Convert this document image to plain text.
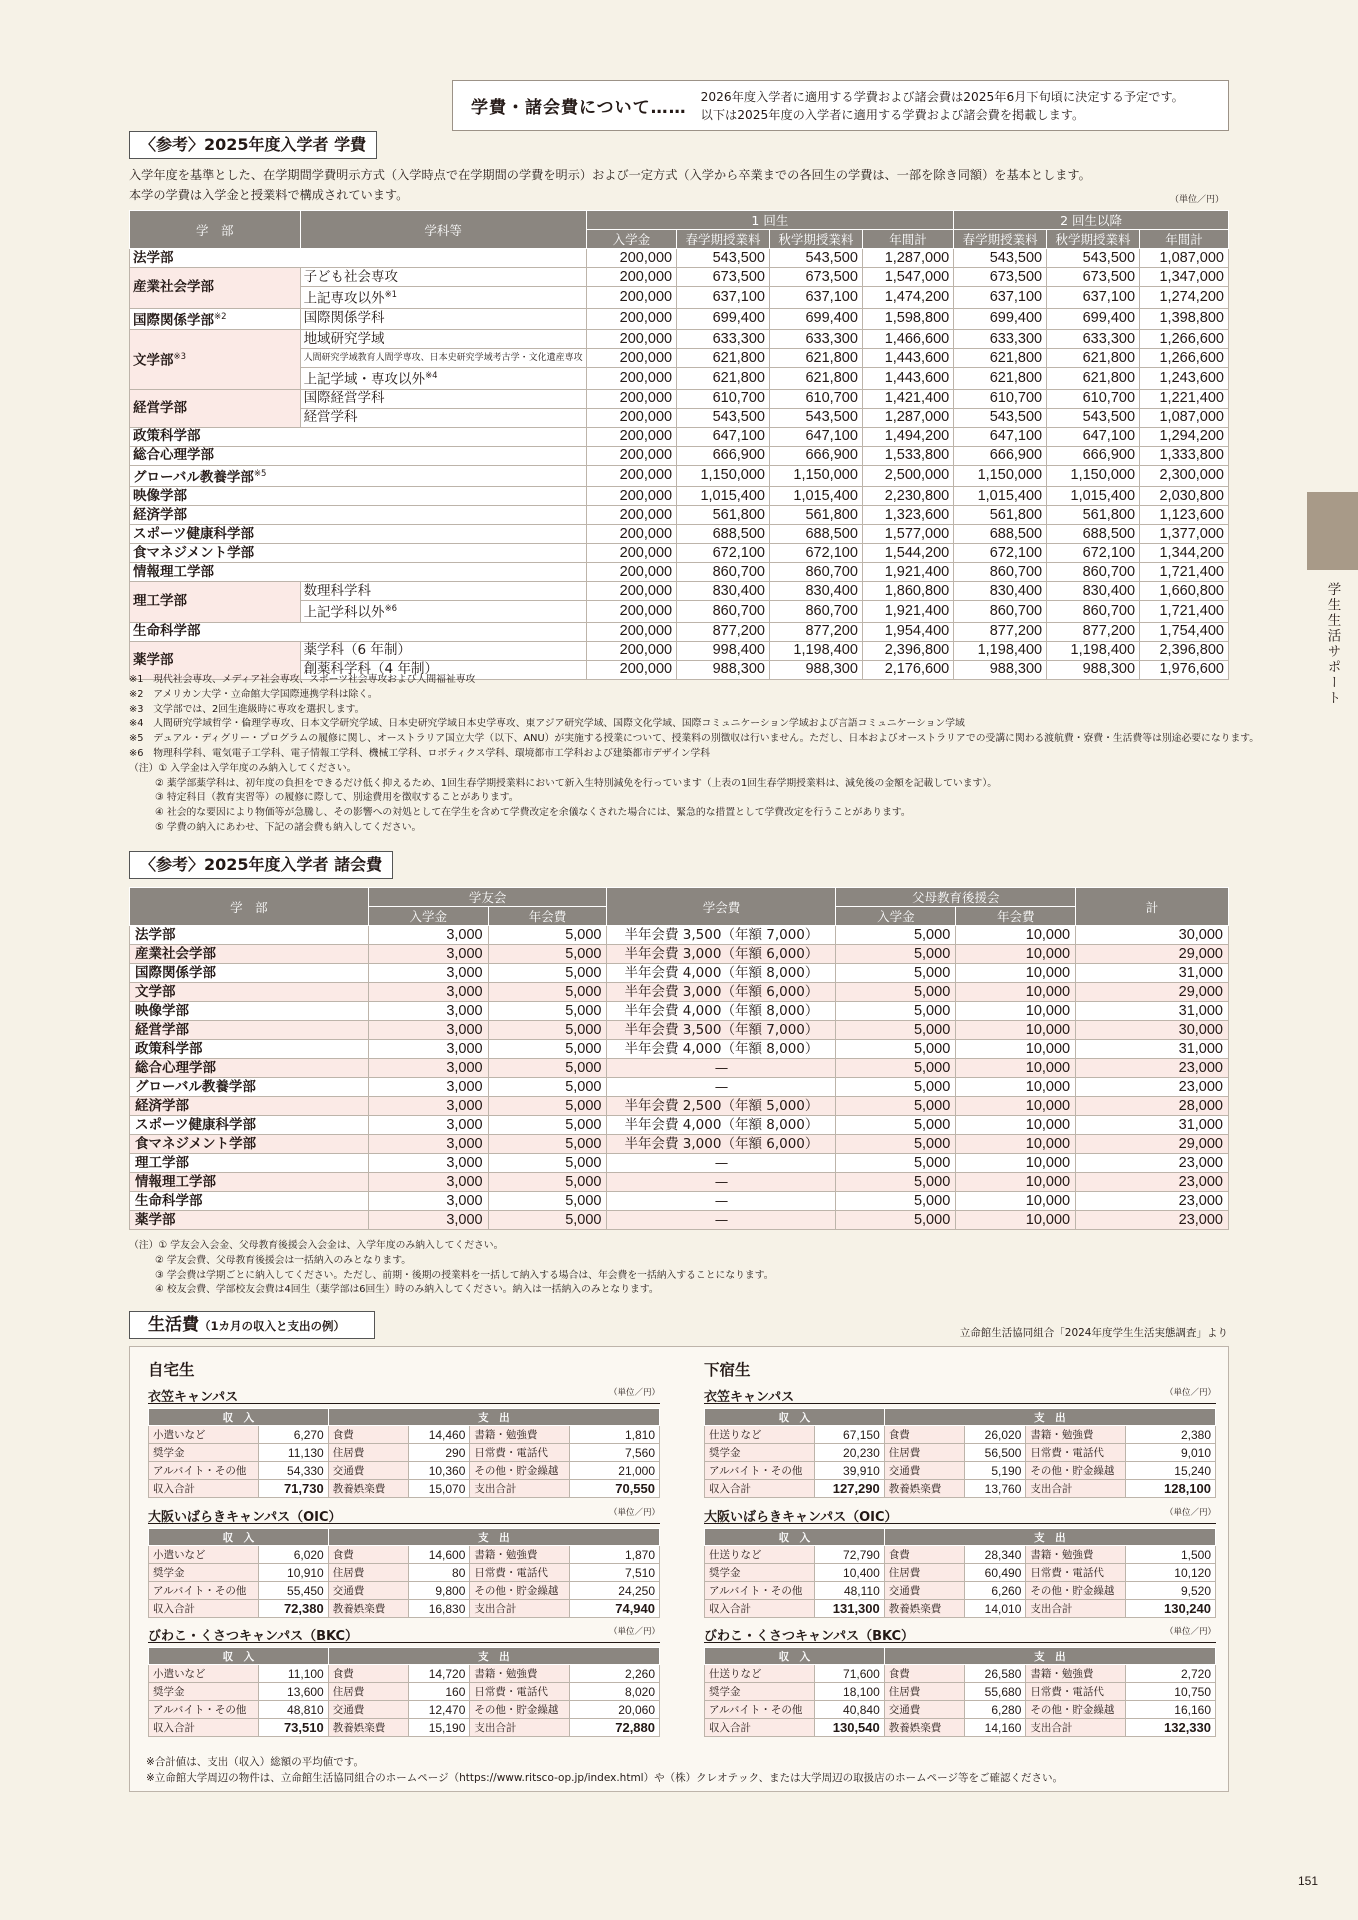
学費・諸会費について……
2026年度入学者に適用する学費および諸会費は2025年6月下旬頃に決定する予定です。
以下は2025年度の入学者に適用する学費および諸会費を掲載します。
〈参考〉2025年度入学者 学費
入学年度を基準とした、在学期間学費明示方式（入学時点で在学期間の学費を明示）および一定方式（入学から卒業までの各回生の学費は、一部を除き同額）を基本とします。
本学の学費は入学金と授業料で構成されています。	（単位／円）
学　部	学科等	1 回生				2 回生以降		
		入学金	春学期授業料	秋学期授業料	年間計	春学期授業料	秋学期授業料	年間計
法学部		200,000	543,500	543,500	1,287,000	543,500	543,500	1,087,000
産業社会学部	子ども社会専攻	200,000	673,500	673,500	1,547,000	673,500	673,500	1,347,000
	上記専攻以外$^{※1}$	200,000	637,100	637,100	1,474,200	637,100	637,100	1,274,200
国際関係学部$^{※2}$	国際関係学科	200,000	699,400	699,400	1,598,800	699,400	699,400	1,398,800
文学部$^{※3}$	地域研究学域	200,000	633,300	633,300	1,466,600	633,300	633,300	1,266,600
	人間研究学域教育人間学専攻、日本史研究学域考古学・文化遺産専攻	200,000	621,800	621,800	1,443,600	621,800	621,800	1,266,600
	上記学域・専攻以外$^{※4}$	200,000	621,800	621,800	1,443,600	621,800	621,800	1,243,600
経営学部	国際経営学科	200,000	610,700	610,700	1,421,400	610,700	610,700	1,221,400
	経営学科	200,000	543,500	543,500	1,287,000	543,500	543,500	1,087,000
政策科学部		200,000	647,100	647,100	1,494,200	647,100	647,100	1,294,200
総合心理学部		200,000	666,900	666,900	1,533,800	666,900	666,900	1,333,800
グローバル教養学部$^{※5}$		200,000	1,150,000	1,150,000	2,500,000	1,150,000	1,150,000	2,300,000
映像学部		200,000	1,015,400	1,015,400	2,230,800	1,015,400	1,015,400	2,030,800
経済学部		200,000	561,800	561,800	1,323,600	561,800	561,800	1,123,600
スポーツ健康科学部		200,000	688,500	688,500	1,577,000	688,500	688,500	1,377,000
食マネジメント学部		200,000	672,100	672,100	1,544,200	672,100	672,100	1,344,200
情報理工学部		200,000	860,700	860,700	1,921,400	860,700	860,700	1,721,400
理工学部	数理科学科	200,000	830,400	830,400	1,860,800	830,400	830,400	1,660,800
	上記学科以外$^{※6}$	200,000	860,700	860,700	1,921,400	860,700	860,700	1,721,400
生命科学部		200,000	877,200	877,200	1,954,400	877,200	877,200	1,754,400
薬学部	薬学科（6 年制）	200,000	998,400	1,198,400	2,396,800	1,198,400	1,198,400	2,396,800
	創薬科学科（4 年制）	200,000	988,300	988,300	2,176,600	988,300	988,300	1,976,600
※1　現代社会専攻、メディア社会専攻、スポーツ社会専攻および人間福祉専攻
※2　アメリカン大学・立命館大学国際連携学科は除く。
※3　文学部では、2回生進級時に専攻を選択します。
※4　人間研究学域哲学・倫理学専攻、日本文学研究学域、日本史研究学域日本史学専攻、東アジア研究学域、国際文化学域、国際コミュニケーション学域および言語コミュニケーション学域
※5　デュアル・ディグリー・プログラムの履修に関し、オーストラリア国立大学（以下、ANU）が実施する授業について、授業料の別徴収は行いません。ただし、日本およびオーストラリアでの受講に関わる渡航費・寮費・生活費等は別途必要になります。
※6　物理科学科、電気電子工学科、電子情報工学科、機械工学科、ロボティクス学科、環境都市工学科および建築都市デザイン学科
（注）① 入学金は入学年度のみ納入してください。
② 薬学部薬学科は、初年度の負担をできるだけ低く抑えるため、1回生春学期授業料において新入生特別減免を行っています（上表の1回生春学期授業料は、減免後の金額を記載しています）。
③ 特定科目（教育実習等）の履修に際して、別途費用を徴収することがあります。
④ 社会的な要因により物価等が急騰し、その影響への対処として在学生を含めて学費改定を余儀なくされた場合には、緊急的な措置として学費改定を行うことがあります。
⑤ 学費の納入にあわせ、下記の諸会費も納入してください。
〈参考〉2025年度入学者 諸会費
学　部	学友会		学会費	父母教育後援会		計
	入学金	年会費		入学金	年会費	
法学部	3,000	5,000	半年会費 3,500（年額 7,000）	5,000	10,000	30,000
産業社会学部	3,000	5,000	半年会費 3,000（年額 6,000）	5,000	10,000	29,000
国際関係学部	3,000	5,000	半年会費 4,000（年額 8,000）	5,000	10,000	31,000
文学部	3,000	5,000	半年会費 3,000（年額 6,000）	5,000	10,000	29,000
映像学部	3,000	5,000	半年会費 4,000（年額 8,000）	5,000	10,000	31,000
経営学部	3,000	5,000	半年会費 3,500（年額 7,000）	5,000	10,000	30,000
政策科学部	3,000	5,000	半年会費 4,000（年額 8,000）	5,000	10,000	31,000
総合心理学部	3,000	5,000	—	5,000	10,000	23,000
グローバル教養学部	3,000	5,000	—	5,000	10,000	23,000
経済学部	3,000	5,000	半年会費 2,500（年額 5,000）	5,000	10,000	28,000
スポーツ健康科学部	3,000	5,000	半年会費 4,000（年額 8,000）	5,000	10,000	31,000
食マネジメント学部	3,000	5,000	半年会費 3,000（年額 6,000）	5,000	10,000	29,000
理工学部	3,000	5,000	—	5,000	10,000	23,000
情報理工学部	3,000	5,000	—	5,000	10,000	23,000
生命科学部	3,000	5,000	—	5,000	10,000	23,000
薬学部	3,000	5,000	—	5,000	10,000	23,000
（注）① 学友会入会金、父母教育後援会入会金は、入学年度のみ納入してください。
② 学友会費、父母教育後援会は一括納入のみとなります。
③ 学会費は学期ごとに納入してください。ただし、前期・後期の授業料を一括して納入する場合は、年会費を一括納入することになります。
④ 校友会費、学部校友会費は4回生（薬学部は6回生）時のみ納入してください。納入は一括納入のみとなります。
生活費（1カ月の収入と支出の例）	立命館生活協同組合「2024年度学生生活実態調査」より
自宅生	下宿生
衣笠キャンパス	（単位／円）
収　入		支　出			
小遣いなど	6,270	食費	14,460	書籍・勉強費	1,810
奨学金	11,130	住居費	290	日常費・電話代	7,560
アルバイト・その他	54,330	交通費	10,360	その他・貯金繰越	21,000
収入合計	71,730	教養娯楽費	15,070	支出合計	70,550
大阪いばらきキャンパス（OIC）	（単位／円）
収　入		支　出			
小遣いなど	6,020	食費	14,600	書籍・勉強費	1,870
奨学金	10,910	住居費	80	日常費・電話代	7,510
アルバイト・その他	55,450	交通費	9,800	その他・貯金繰越	24,250
収入合計	72,380	教養娯楽費	16,830	支出合計	74,940
びわこ・くさつキャンパス（BKC）	（単位／円）
収　入		支　出			
小遣いなど	11,100	食費	14,720	書籍・勉強費	2,260
奨学金	13,600	住居費	160	日常費・電話代	8,020
アルバイト・その他	48,810	交通費	12,470	その他・貯金繰越	20,060
収入合計	73,510	教養娯楽費	15,190	支出合計	72,880
衣笠キャンパス	（単位／円）
収　入		支　出			
仕送りなど	67,150	食費	26,020	書籍・勉強費	2,380
奨学金	20,230	住居費	56,500	日常費・電話代	9,010
アルバイト・その他	39,910	交通費	5,190	その他・貯金繰越	15,240
収入合計	127,290	教養娯楽費	13,760	支出合計	128,100
大阪いばらきキャンパス（OIC）	（単位／円）
収　入		支　出			
仕送りなど	72,790	食費	28,340	書籍・勉強費	1,500
奨学金	10,400	住居費	60,490	日常費・電話代	10,120
アルバイト・その他	48,110	交通費	6,260	その他・貯金繰越	9,520
収入合計	131,300	教養娯楽費	14,010	支出合計	130,240
びわこ・くさつキャンパス（BKC）	（単位／円）
収　入		支　出			
仕送りなど	71,600	食費	26,580	書籍・勉強費	2,720
奨学金	18,100	住居費	55,680	日常費・電話代	10,750
アルバイト・その他	40,840	交通費	6,280	その他・貯金繰越	16,160
収入合計	130,540	教養娯楽費	14,160	支出合計	132,330
※合計値は、支出（収入）総額の平均値です。
※立命館大学周辺の物件は、立命館生活協同組合のホームページ（https://www.ritsco-op.jp/index.html）や（株）クレオテック、または大学周辺の取扱店のホームページ等をご確認ください。
学生生活サポート
151
